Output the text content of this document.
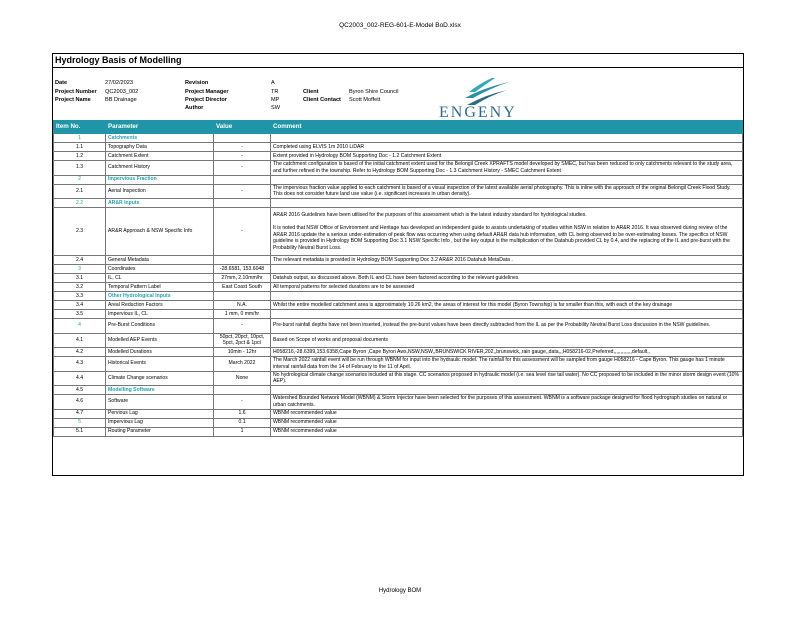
QC2003_002-REG-601-E-Model BoD.xlsx
Hydrology Basis of Modelling
Date	27/02/2023
Project Number QC2003_002
Project Name	BB Drainage
Revision	A
Project Manager	TR
Project Director	MP
Author	SW
Client	Byron Shire Council
Client Contact Scott Moffett
ENGENY
Item No.	Parameter	Value	Comment
1	Catchments		
1.1	Topography Data	-	Completed using ELVIS 1m 2010 LiDAR
1.2	Catchment Extent	-	Extent provided in Hydrology BOM Supporting Doc - 1.2 Catchment Extent
1.3	Catchment History	-	The catchment configuration is based of the initial catchment extent used for the Belongil Creek XPRAFTS model developed by SMEC, but has been reduced to only catchments relevant to the study area, and further refined in the township. Refer to Hydrology BOM Supporting Doc - 1.3 Catchment History - SMEC Catchment Extent
2	Impervious Fraction		
2.1	Aerial Inspection	-	The impervious fraction value applied to each catchment is based of a visual inspection of the latest available aerial photography. This is inline with the approach of the original Belongil Creek Flood Study. This does not consider future land use value (i.e. significant increases in urban density).
2.2	AR&R Inputs		
2.3	AR&R Approach & NSW Specific Info	-	AR&R 2016 Guidelines have been utilised for the purposes of this assessment which is the latest industry standard for hydrological studies.

It is noted that NSW Office of Environment and Heritage has developed an independent guide to assists undertaking of studies within NSW in relation to AR&R 2016. It was observed during review of the AR&R 2016 update the a serious under-estimation of peak flow was occurring when using default AR&R data hub information, with CL being observed to be over-estimating losses. The specifics of NSW guideline is provided in Hydrology BOM Supporting Doc 3.1 NSW Specific Info , but the key output is the multiplication of the Datahub provided CL by 0.4, and the replacing of the IL and pre-burst with the Probability Neutral Burst Loss.
2.4	General Metadata		The relevant metadata is provided in Hydrology BOM Supporting Doc 3.2 AR&R 2016 Datahub MetaData .
3	Coordinates	-28.6581, 153.6048	
3.1	IL, CL	27mm, 2.10mm/hr	Datahub output, as discussed above. Both IL and CL have been factored according to the relevant guidelines
3.2	Temporal Pattern Label	East Coast South	All temporal patterns for selected durations are to be assessed
3.3	Other Hydrological Inputs		
3.4	Areal Reduction Factors	N.A.	Whilst the entire modelled catchment area is approximately 10.26 km2, the areas of interest for this model (Byron Township) is far smaller than this, with each of the key drainage
3.5	Impervious IL, CL	1 mm, 0 mm/hr	
4	Pre-Burst Conditions	-	Pre-burst rainfall depths have not been inserted, instead the pre-burst values have been directly subtracted from the IL as per the Probability Neutral Burst Loss discussion in the NSW guidelines.
4.1	Modelled AEP Events	50pct, 20pct, 10pct, 5pct, 2pct & 1pct	Based on Scope of works and proposal documents
4.2	Modelled Durations	10min - 12hr	H058216,-28.6399,153.6358,Cape Byron ,Cape Byron Aws,NSW,NSW,,BRUNSWICK RIVER,202,,brunswick,,rain gauge,,data,,,H058216-02,Preferred,,,,,,,,,,,,,default,,
4.3	Historical Events	March 2022	The March 2022 rainfall event will be run through WBNM for input into the hydraulic model. The rainfall for this assessment will be sampled from gauge H058216 - Cape Byron. This gauge has 1 minute interval rainfall data from the 14 of February to the 11 of April.
4.4	Climate Change scenarios	None	No hydrological climate change scenarios included at this stage. CC scenarios proposed in hydraulic model (i.e. sea level rise tail water). No CC proposed to be included in the minor storm design event (10% AEP).
4.5	Modelling Software		
4.6	Software	-	Watershed Bounded Network Model (WBNM) & Storm Injector have been selected for the purposes of this assessment. WBNM is a software package designed for flood hydrograph studies on natural or urban catchments.
4.7	Pervious Lag	1.6	WBNM recommended value
5	Impervious Lag	0.1	WBNM recommended value
5.1	Routing Parameter	1	WBNM recommended value
Hydrology BOM
